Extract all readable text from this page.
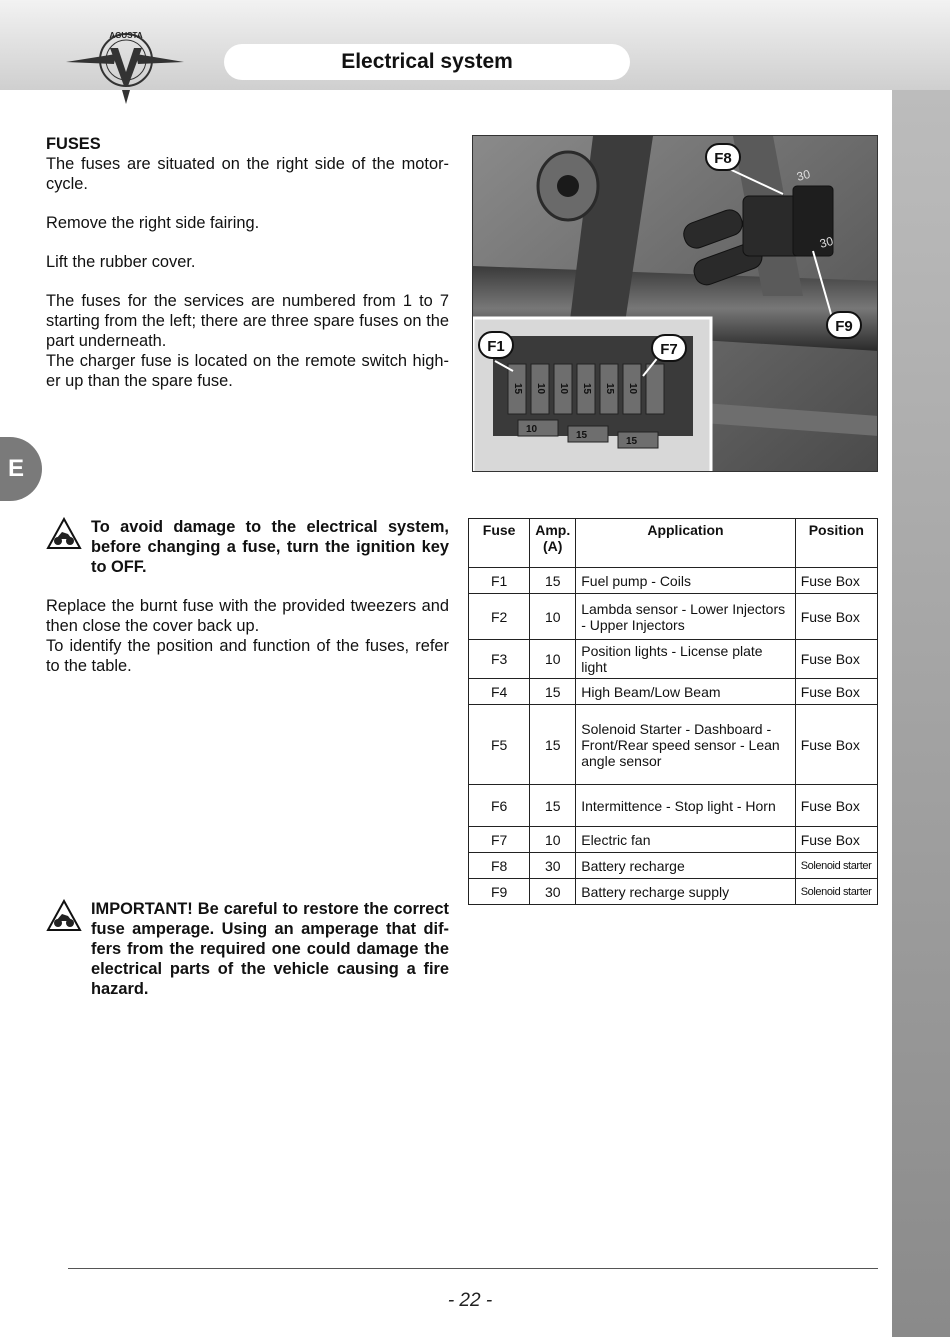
AGUSTA
Electrical system
E

FUSES

The fuses are situated on the right side of the motor- cycle.

Remove the right side fairing.

Lift the rubber cover.

The fuses for the services are numbered from 1 to 7 starting from the left; there are three spare fuses on the part underneath.

The charger fuse is located on the remote switch high- er up than the spare fuse.

To avoid damage to the electrical system, before changing a fuse, turn the ignition key to OFF.

Replace the burnt fuse with the provided tweezers and then close the cover back up.

To identify the position and function of the fuses, refer to the table.

IMPORTANT! Be careful to restore the correct fuse amperage. Using an amperage that dif- fers from the required one could damage the electrical parts of the vehicle causing a fire hazard.
30
30
15 10 10 15 15 10
10
15
15
F8
F9
F1	F7
Fuse	Amp. (A)	Application	Position
F1	15	Fuel pump - Coils	Fuse Box
F2	10	Lambda sensor - Lower Injectors - Upper Injectors	Fuse Box
F3	10	Position lights - License plate light	Fuse Box
F4	15	High Beam/Low Beam	Fuse Box
F5	15	Solenoid Starter - Dashboard - Front/Rear speed sensor - Lean angle sensor	Fuse Box
F6	15	Intermittence - Stop light - Horn	Fuse Box
F7	10	Electric fan	Fuse Box
F8	30	Battery recharge	Solenoid starter
F9	30	Battery recharge supply	Solenoid starter
- 22 -
